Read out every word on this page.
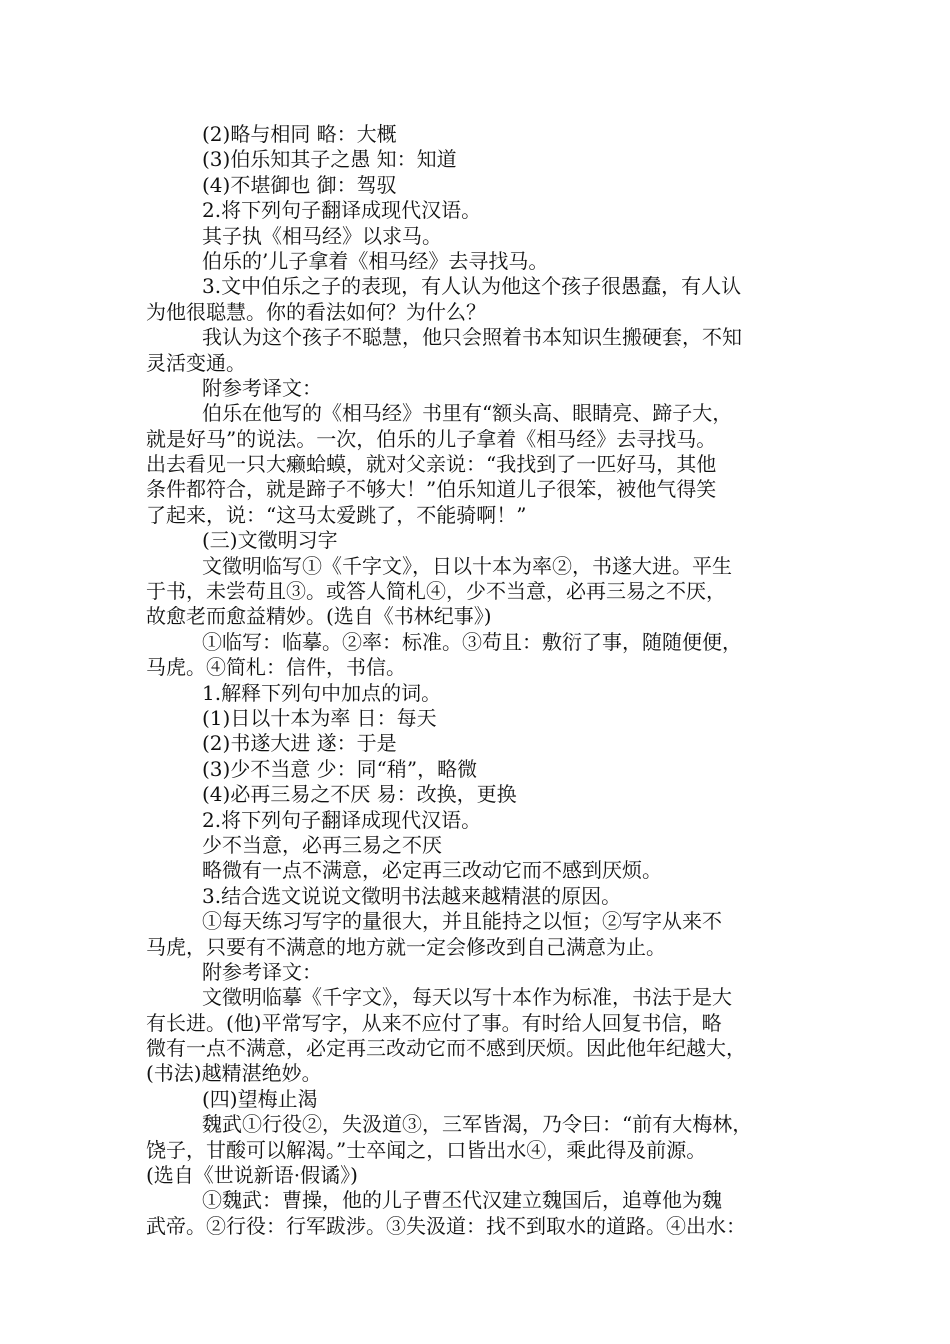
(2)略与相同 略：大概
(3)伯乐知其子之愚 知：知道
(4)不堪御也 御：驾驭
2.将下列句子翻译成现代汉语。
其子执《相马经》以求马。
伯乐的’儿子拿着《相马经》去寻找马。
3.文中伯乐之子的表现，有人认为他这个孩子很愚蠢，有人认
为他很聪慧。你的看法如何？为什么？
我认为这个孩子不聪慧，他只会照着书本知识生搬硬套，不知
灵活变通。
附参考译文：
伯乐在他写的《相马经》书里有“额头高、眼睛亮、蹄子大，
就是好马”的说法。一次，伯乐的儿子拿着《相马经》去寻找马。
出去看见一只大癞蛤蟆，就对父亲说：“我找到了一匹好马，其他
条件都符合，就是蹄子不够大！”伯乐知道儿子很笨，被他气得笑
了起来，说：“这马太爱跳了，不能骑啊！”
(三)文徵明习字
文徵明临写①《千字文》，日以十本为率②，书遂大进。平生
于书，未尝苟且③。或答人简札④，少不当意，必再三易之不厌，
故愈老而愈益精妙。(选自《书林纪事》)
①临写：临摹。②率：标准。③苟且：敷衍了事，随随便便，
马虎。④简札：信件，书信。
1.解释下列句中加点的词。
(1)日以十本为率 日：每天
(2)书遂大进 遂：于是
(3)少不当意 少：同“稍”，略微
(4)必再三易之不厌 易：改换，更换
2.将下列句子翻译成现代汉语。
少不当意，必再三易之不厌
略微有一点不满意，必定再三改动它而不感到厌烦。
3.结合选文说说文徵明书法越来越精湛的原因。
①每天练习写字的量很大，并且能持之以恒；②写字从来不
马虎，只要有不满意的地方就一定会修改到自己满意为止。
附参考译文：
文徵明临摹《千字文》，每天以写十本作为标准，书法于是大
有长进。(他)平常写字，从来不应付了事。有时给人回复书信，略
微有一点不满意，必定再三改动它而不感到厌烦。因此他年纪越大，
(书法)越精湛绝妙。
(四)望梅止渴
魏武①行役②，失汲道③，三军皆渴，乃令曰：“前有大梅林，
饶子，甘酸可以解渴。”士卒闻之，口皆出水④，乘此得及前源。
(选自《世说新语·假谲》)
①魏武：曹操，他的儿子曹丕代汉建立魏国后，追尊他为魏
武帝。②行役：行军跋涉。③失汲道：找不到取水的道路。④出水：
